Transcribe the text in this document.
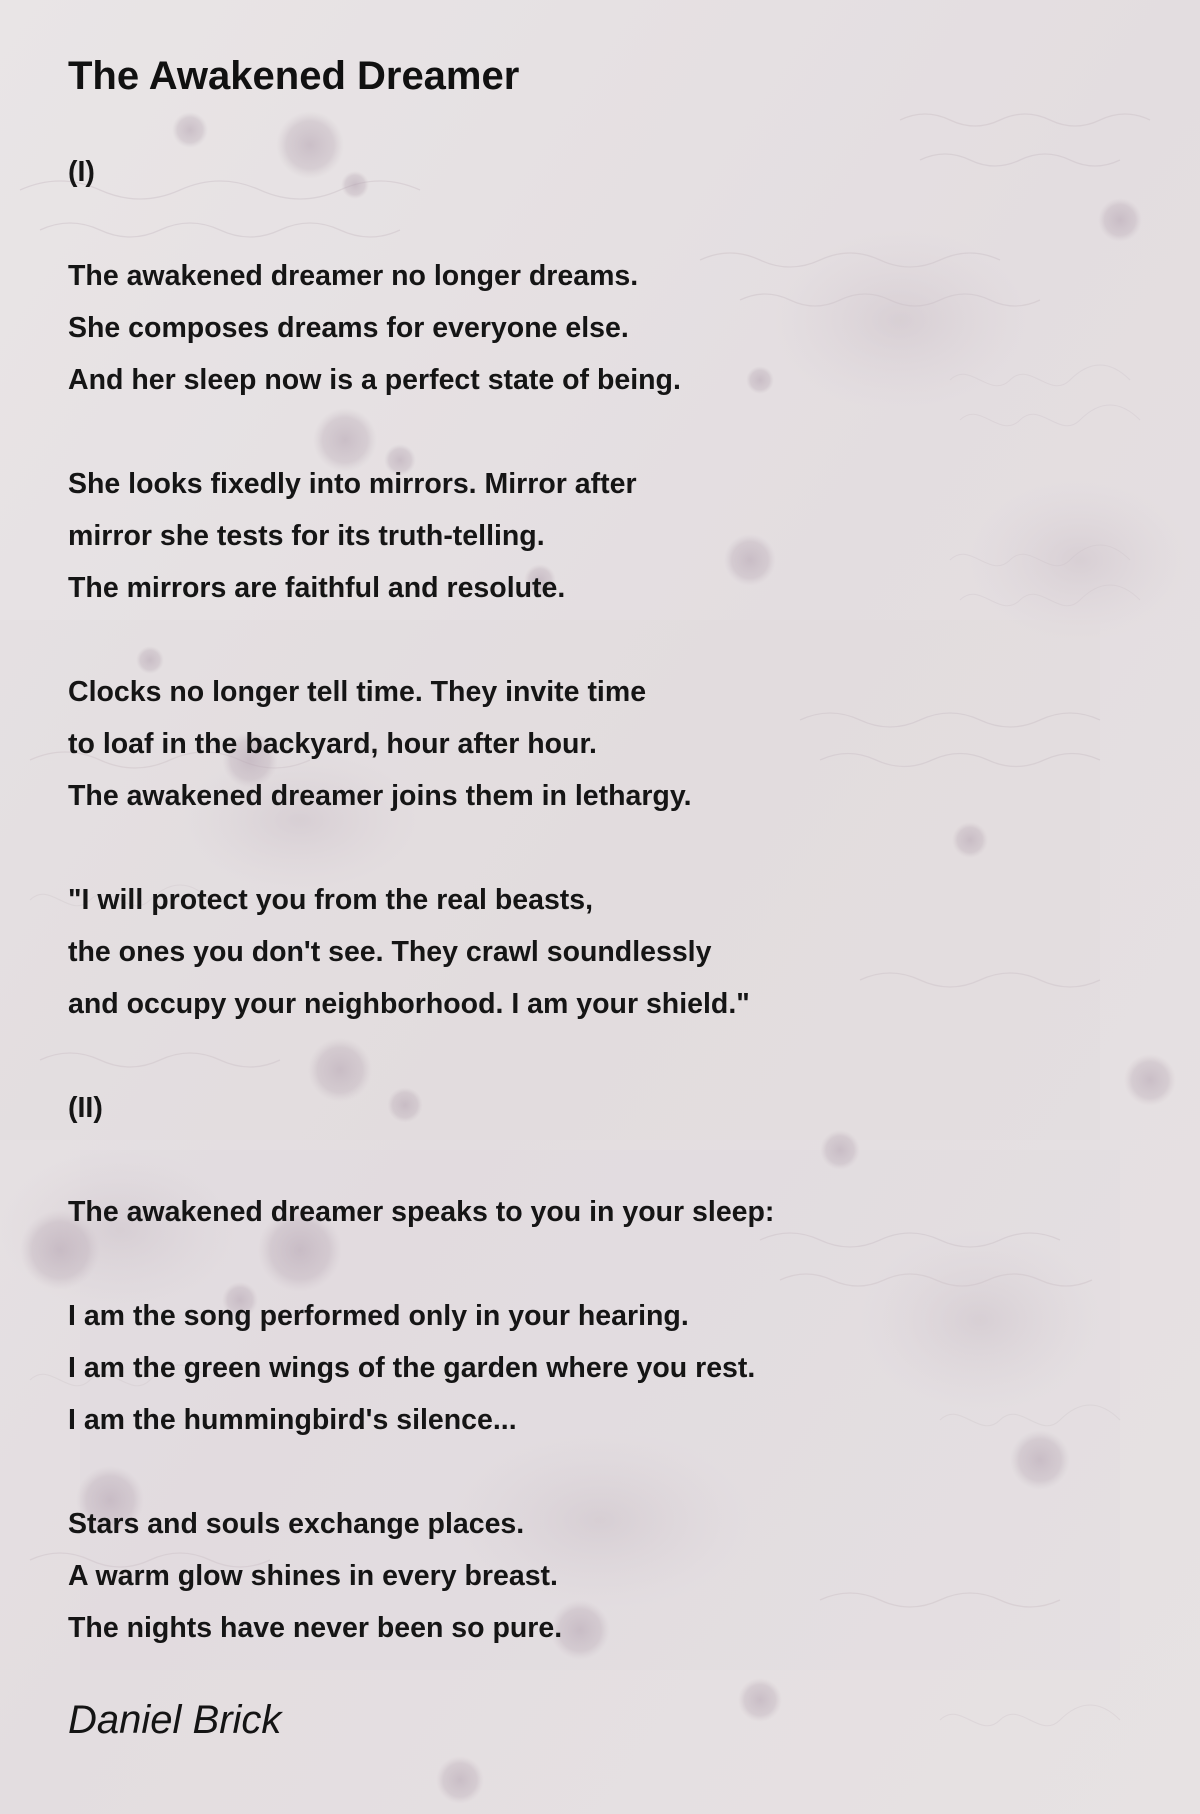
The Awakened Dreamer
(I)
The awakened dreamer no longer dreams.
She composes dreams for everyone else.
And her sleep now is a perfect state of being.
She looks fixedly into mirrors. Mirror after
mirror she tests for its truth-telling.
The mirrors are faithful and resolute.
Clocks no longer tell time. They invite time
to loaf in the backyard, hour after hour.
The awakened dreamer joins them in lethargy.
"I will protect you from the real beasts,
the ones you don't see. They crawl soundlessly
and occupy your neighborhood. I am your shield."
(II)
The awakened dreamer speaks to you in your sleep:
I am the song performed only in your hearing.
I am the green wings of the garden where you rest.
I am the hummingbird's silence...
Stars and souls exchange places.
A warm glow shines in every breast.
The nights have never been so pure.
Daniel Brick
